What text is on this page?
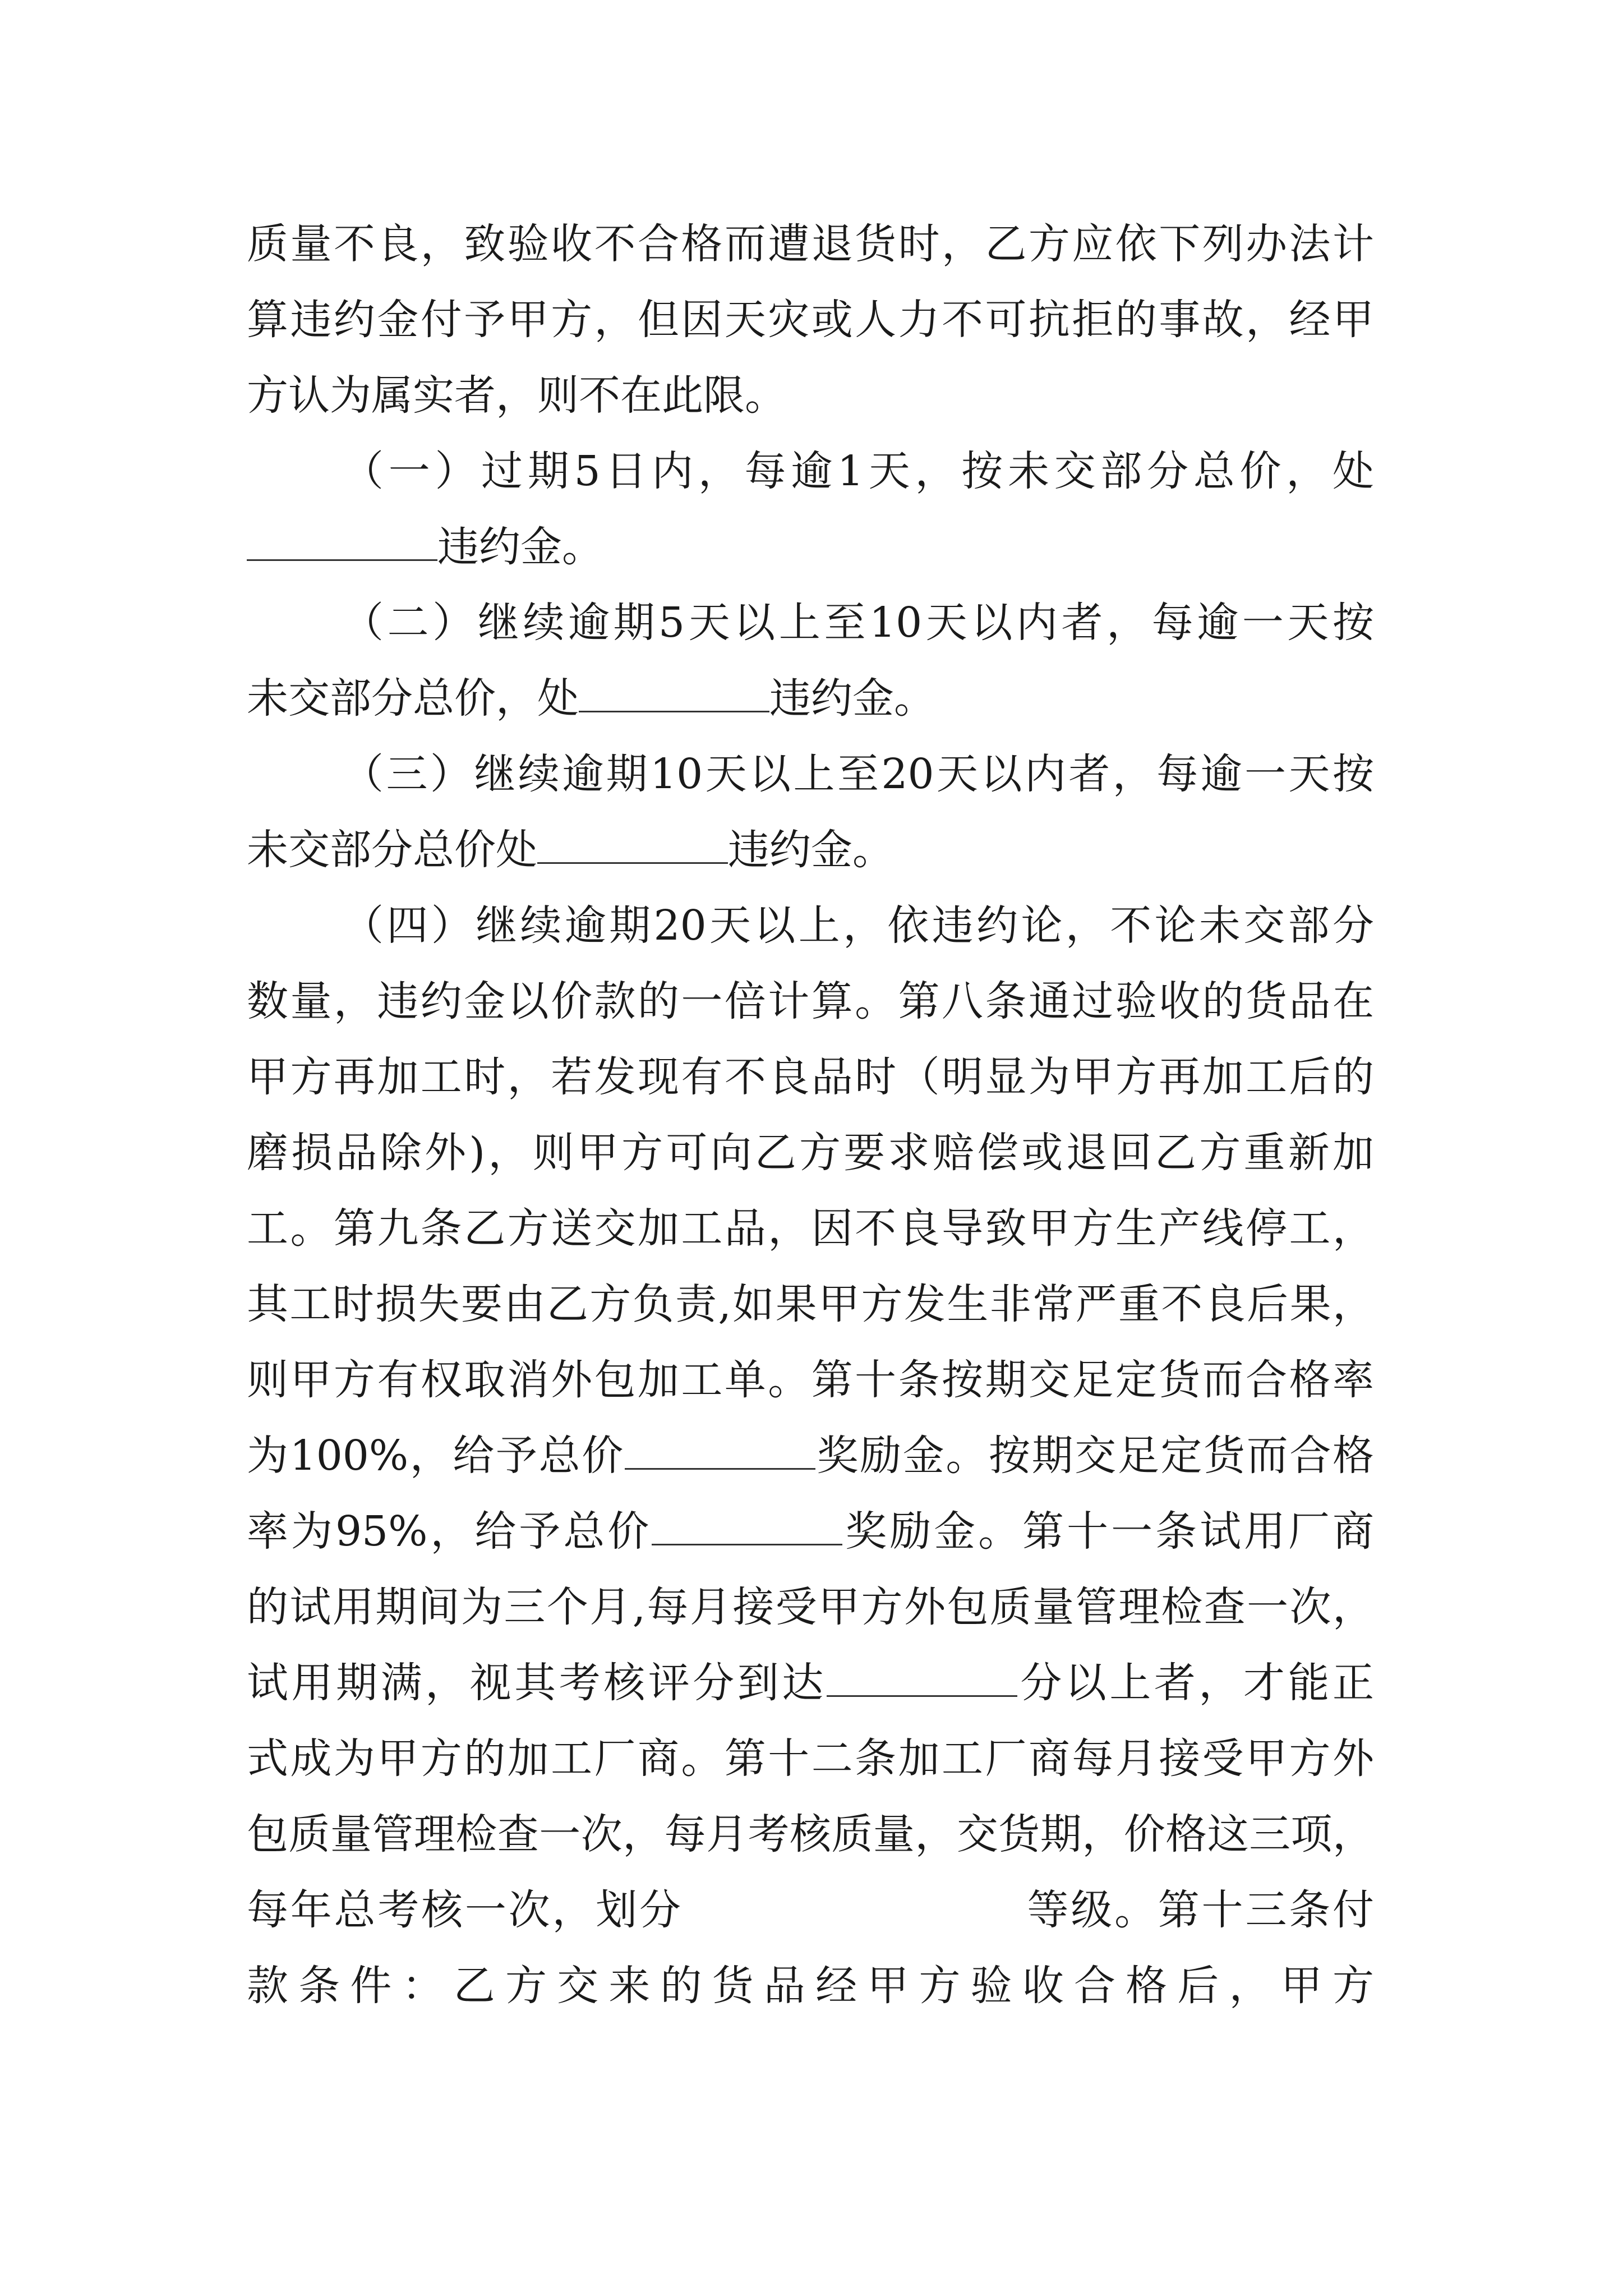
质量不良，致验收不合格而遭退货时，乙方应依下列办法计
算违约金付予甲方，但因天灾或人力不可抗拒的事故，经甲
方认为属实者，则不在此限。
（一）过期5日内，每逾1天，按未交部分总价，处
违约金。
（二）继续逾期5天以上至10天以内者，每逾一天按
未交部分总价，处	违约金。
（三）继续逾期10天以上至20天以内者，每逾一天按
未交部分总价处	违约金。
（四）继续逾期20天以上，依违约论，不论未交部分
数量，违约金以价款的一倍计算。第八条通过验收的货品在
甲方再加工时，若发现有不良品时（明显为甲方再加工后的
磨损品除外)，则甲方可向乙方要求赔偿或退回乙方重新加
工。第九条乙方送交加工品，因不良导致甲方生产线停工，
其工时损失要由乙方负责,如果甲方发生非常严重不良后果，
则甲方有权取消外包加工单。第十条按期交足定货而合格率
为100%，给予总价	奖励金。按期交足定货而合格
率为95%，给予总价	奖励金。第十一条试用厂商
的试用期间为三个月,每月接受甲方外包质量管理检查一次，
试用期满，视其考核评分到达	分以上者，才能正
式成为甲方的加工厂商。第十二条加工厂商每月接受甲方外
包质量管理检查一次，每月考核质量，交货期，价格这三项，
每年总考核一次，划分	等级。第十三条付
款条件：乙方交来的货品经甲方验收合格后，甲方
